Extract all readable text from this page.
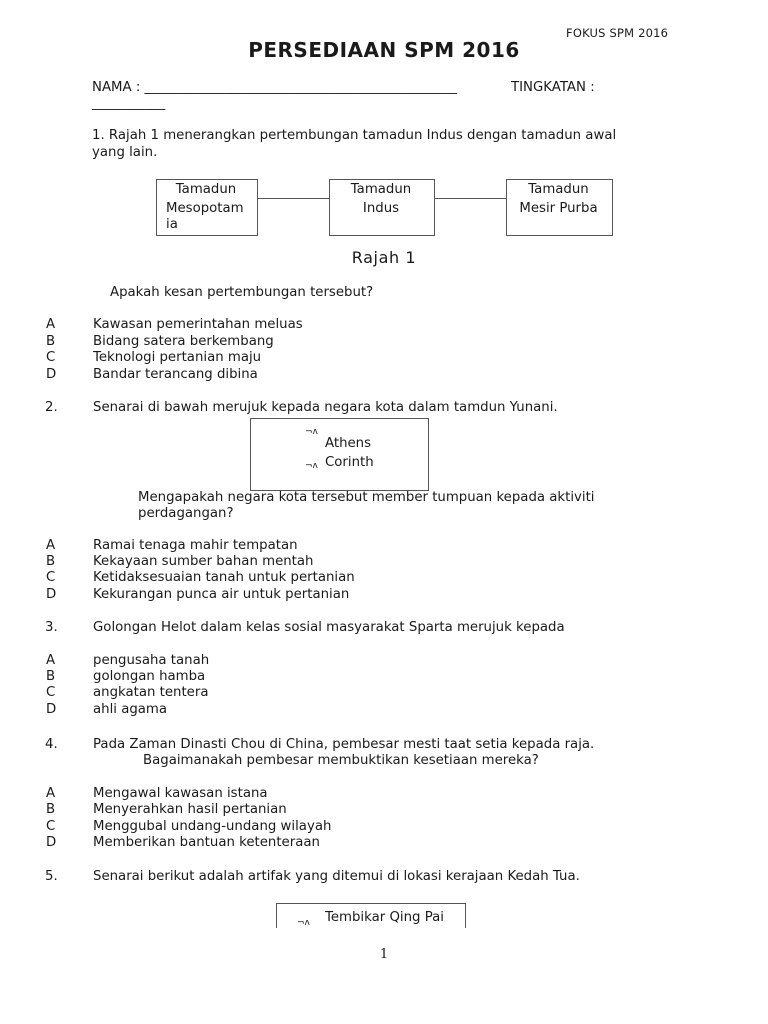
FOKUS SPM 2016
PERSEDIAAN SPM 2016
NAMA : _______________________________________________	TINGKATAN :
___________
1. Rajah 1 menerangkan pertembungan tamadun Indus dengan tamadun awal
yang lain.
Tamadun
Mesopotam
ia
Tamadun
Indus
Tamadun
Mesir Purba
Rajah 1
Apakah kesan pertembungan tersebut?
A	Kawasan pemerintahan meluas
B	Bidang satera berkembang
C	Teknologi pertanian maju
D	Bandar terancang dibina
2.	Senarai di bawah merujuk kepada negara kota dalam tamdun Yunani.
¬ʌ
Athens
¬ʌ Corinth
Mengapakah negara kota tersebut member tumpuan kepada aktiviti
perdagangan?
A	Ramai tenaga mahir tempatan
B	Kekayaan sumber bahan mentah
C	Ketidaksesuaian tanah untuk pertanian
D	Kekurangan punca air untuk pertanian
3.	Golongan Helot dalam kelas sosial masyarakat Sparta merujuk kepada
A	pengusaha tanah
B	golongan hamba
C	angkatan tentera
D	ahli agama
4.	Pada Zaman Dinasti Chou di China, pembesar mesti taat setia kepada raja.
Bagaimanakah pembesar membuktikan kesetiaan mereka?
A	Mengawal kawasan istana
B	Menyerahkan hasil pertanian
C	Menggubal undang-undang wilayah
D	Memberikan bantuan ketenteraan
5.	Senarai berikut adalah artifak yang ditemui di lokasi kerajaan Kedah Tua.
¬ʌ Tembikar Qing Pai
1
